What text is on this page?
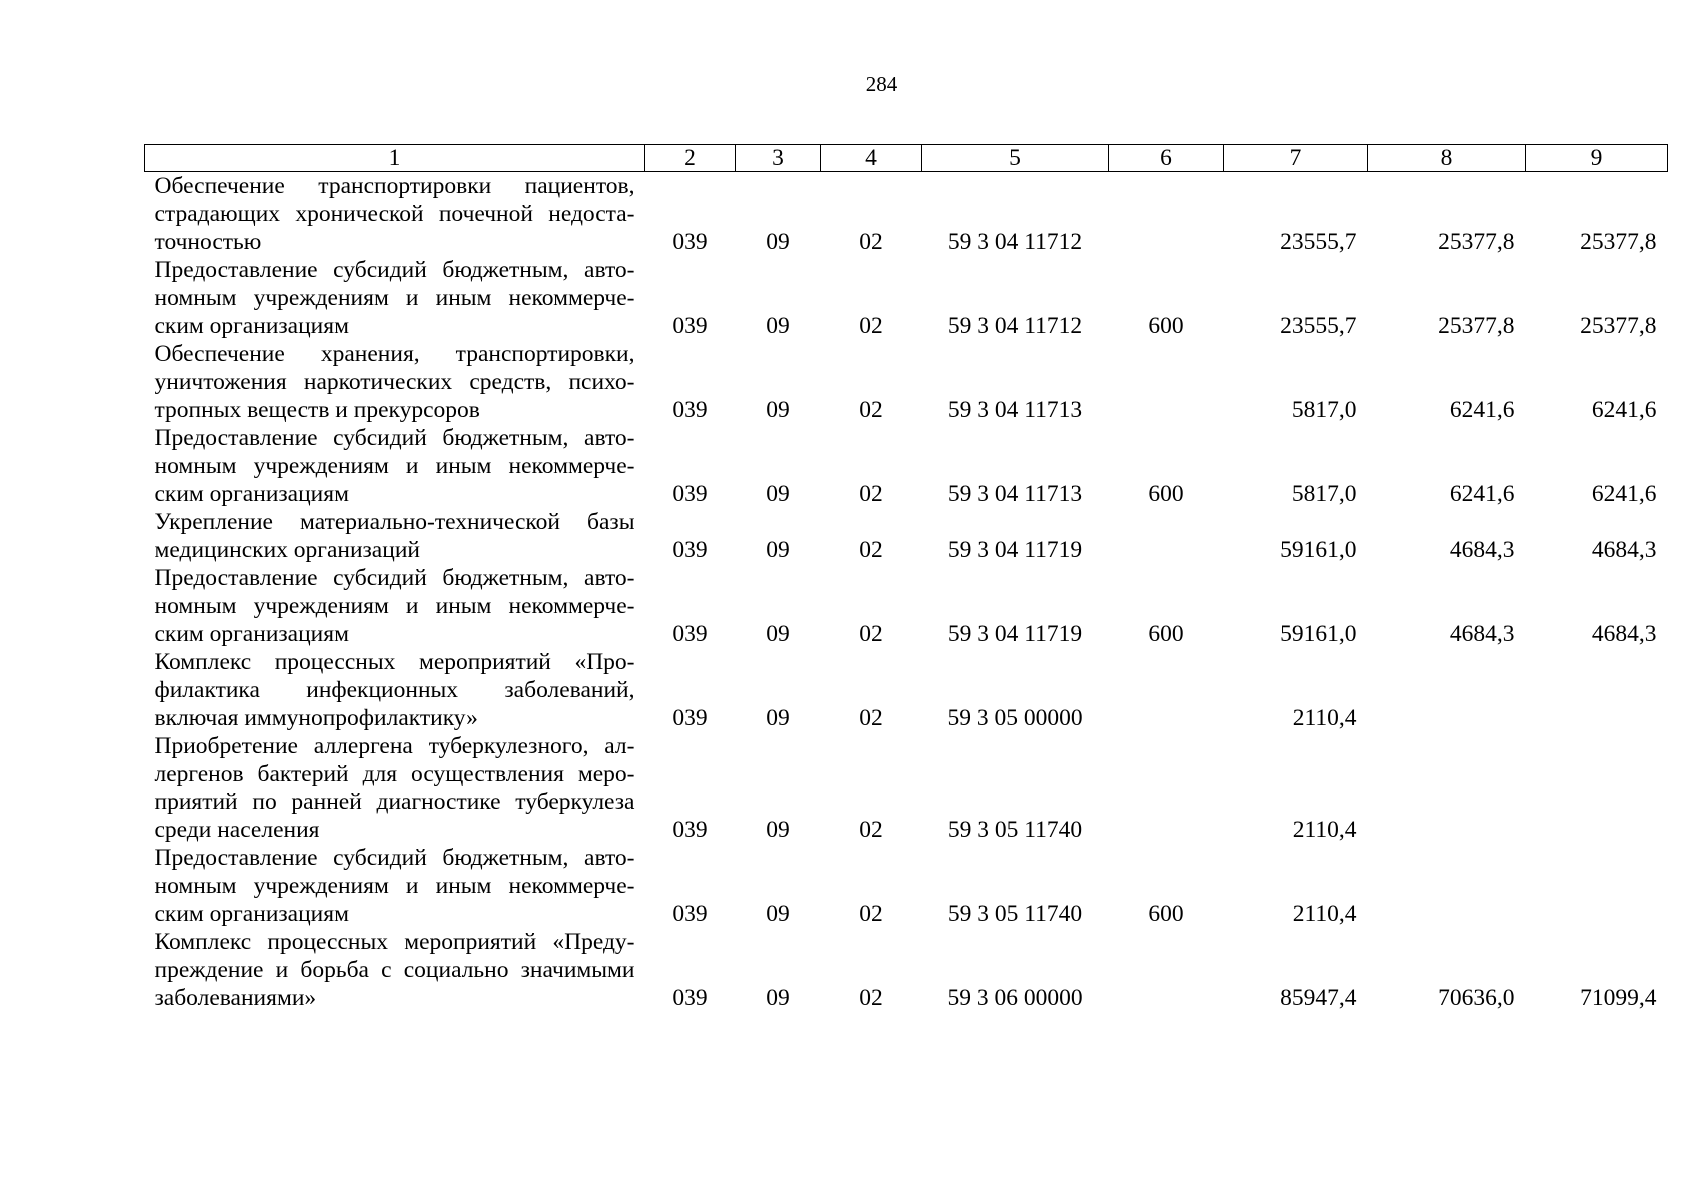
284
1	2	3	4	5	6	7	8	9
Обеспечение транспортировки пациентов, страдающих хронической почечной недоста-точностью	039	09	02	59 3 04 11712		23555,7	25377,8	25377,8
Предоставление субсидий бюджетным, авто-номным учреждениям и иным некоммерче-ским организациям	039	09	02	59 3 04 11712	600	23555,7	25377,8	25377,8
Обеспечение хранения, транспортировки, уничтожения наркотических средств, психо-тропных веществ и прекурсоров	039	09	02	59 3 04 11713		5817,0	6241,6	6241,6
Предоставление субсидий бюджетным, авто-номным учреждениям и иным некоммерче-ским организациям	039	09	02	59 3 04 11713	600	5817,0	6241,6	6241,6
Укрепление материально-технической базы медицинских организаций	039	09	02	59 3 04 11719		59161,0	4684,3	4684,3
Предоставление субсидий бюджетным, авто-номным учреждениям и иным некоммерче-ским организациям	039	09	02	59 3 04 11719	600	59161,0	4684,3	4684,3
Комплекс процессных мероприятий «Про-филактика инфекционных заболеваний, включая иммунопрофилактику»	039	09	02	59 3 05 00000		2110,4		
Приобретение аллергена туберкулезного, ал-лергенов бактерий для осуществления меро-приятий по ранней диагностике туберкулеза среди населения	039	09	02	59 3 05 11740		2110,4		
Предоставление субсидий бюджетным, авто-номным учреждениям и иным некоммерче-ским организациям	039	09	02	59 3 05 11740	600	2110,4		
Комплекс процессных мероприятий «Преду-преждение и борьба с социально значимыми заболеваниями»	039	09	02	59 3 06 00000		85947,4	70636,0	71099,4
